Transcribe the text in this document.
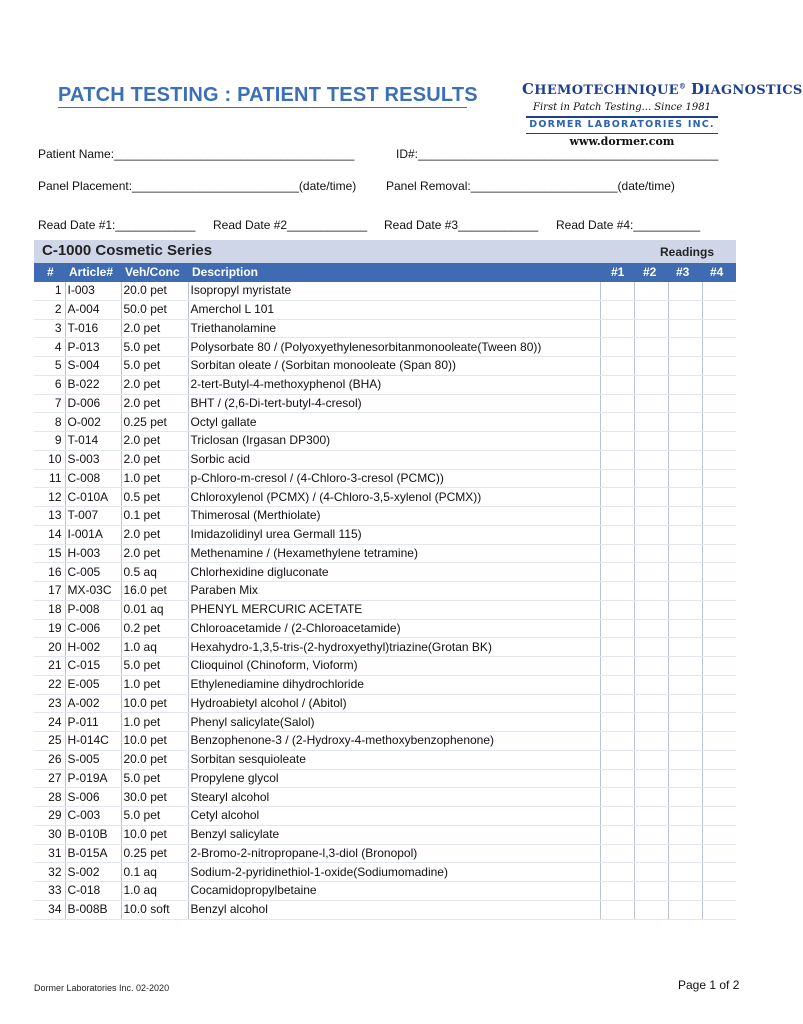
PATCH TESTING : PATIENT TEST RESULTS	CHEMOTECHNIQUE® DIAGNOSTICS
First in Patch Testing... Since 1981
DORMER LABORATORIES INC.
www.dormer.com
Patient Name:____________________________________	ID#:_____________________________________________
Panel Placement:_________________________(date/time) Panel Removal:______________________(date/time)
Read Date #1:____________ Read Date #2____________ Read Date #3____________ Read Date #4:__________
C-1000 Cosmetic Series	Readings
# Article# Veh/Conc Description	#1 #2 #3 #4
1	I-003	20.0 pet	Isopropyl myristate				
2	A-004	50.0 pet	Amerchol L 101				
3	T-016	2.0 pet	Triethanolamine				
4	P-013	5.0 pet	Polysorbate 80 / (Polyoxyethylenesorbitanmonooleate(Tween 80))				
5	S-004	5.0 pet	Sorbitan oleate / (Sorbitan monooleate (Span 80))				
6	B-022	2.0 pet	2-tert-Butyl-4-methoxyphenol (BHA)				
7	D-006	2.0 pet	BHT / (2,6-Di-tert-butyl-4-cresol)				
8	O-002	0.25 pet	Octyl gallate				
9	T-014	2.0 pet	Triclosan (Irgasan DP300)				
10	S-003	2.0 pet	Sorbic acid				
11	C-008	1.0 pet	p-Chloro-m-cresol / (4-Chloro-3-cresol (PCMC))				
12	C-010A	0.5 pet	Chloroxylenol (PCMX) / (4-Chloro-3,5-xylenol (PCMX))				
13	T-007	0.1 pet	Thimerosal (Merthiolate)				
14	I-001A	2.0 pet	Imidazolidinyl urea Germall 115)				
15	H-003	2.0 pet	Methenamine / (Hexamethylene tetramine)				
16	C-005	0.5 aq	Chlorhexidine digluconate				
17	MX-03C	16.0 pet	Paraben Mix				
18	P-008	0.01 aq	PHENYL MERCURIC ACETATE				
19	C-006	0.2 pet	Chloroacetamide / (2-Chloroacetamide)				
20	H-002	1.0 aq	Hexahydro-1,3,5-tris-(2-hydroxyethyl)triazine(Grotan BK)				
21	C-015	5.0 pet	Clioquinol (Chinoform, Vioform)				
22	E-005	1.0 pet	Ethylenediamine dihydrochloride				
23	A-002	10.0 pet	Hydroabietyl alcohol / (Abitol)				
24	P-011	1.0 pet	Phenyl salicylate(Salol)				
25	H-014C	10.0 pet	Benzophenone-3 / (2-Hydroxy-4-methoxybenzophenone)				
26	S-005	20.0 pet	Sorbitan sesquioleate				
27	P-019A	5.0 pet	Propylene glycol				
28	S-006	30.0 pet	Stearyl alcohol				
29	C-003	5.0 pet	Cetyl alcohol				
30	B-010B	10.0 pet	Benzyl salicylate				
31	B-015A	0.25 pet	2-Bromo-2-nitropropane-l,3-diol (Bronopol)				
32	S-002	0.1 aq	Sodium-2-pyridinethiol-1-oxide(Sodiumomadine)				
33	C-018	1.0 aq	Cocamidopropylbetaine				
34	B-008B	10.0 soft	Benzyl alcohol				
Dormer Laboratories Inc. 02-2020	Page 1 of 2
